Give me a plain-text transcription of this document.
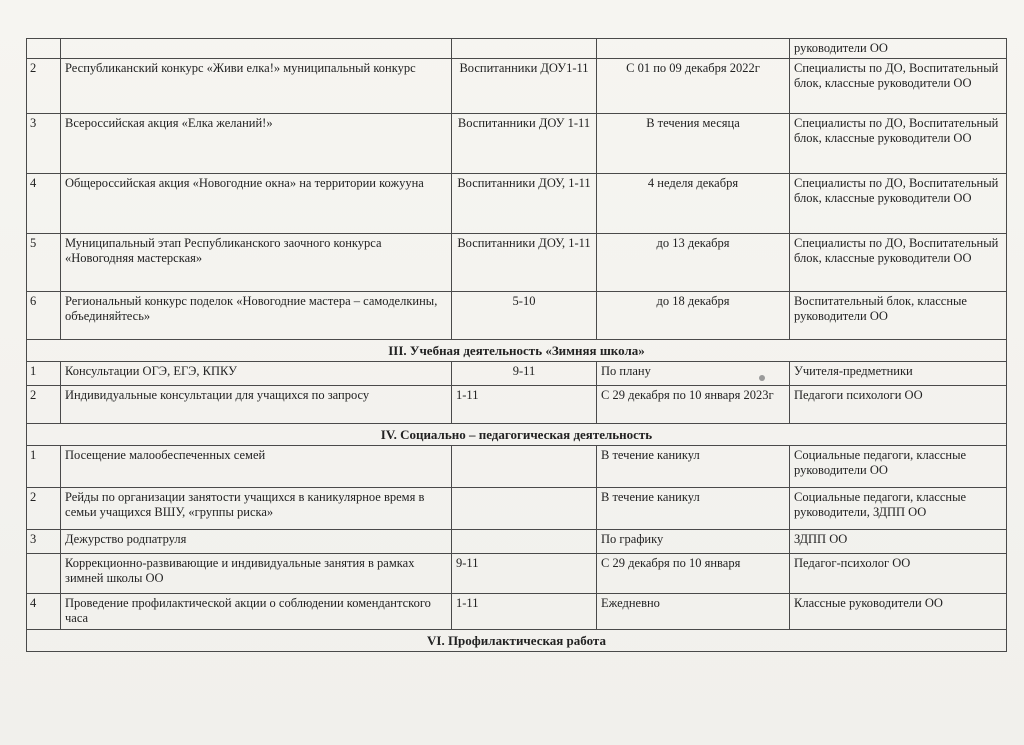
				руководители ОО
2	Республиканский конкурс «Живи елка!» муниципальный конкурс	Воспитанники ДОУ1-11	С 01 по 09 декабря 2022г	Специалисты по ДО, Воспитательный блок, классные руководители ОО
3	Всероссийская акция «Елка желаний!»	Воспитанники ДОУ 1-11	В течения месяца	Специалисты по ДО, Воспитательный блок, классные руководители ОО
4	Общероссийская акция «Новогодние окна» на территории кожууна	Воспитанники ДОУ, 1-11	4 неделя декабря	Специалисты по ДО, Воспитательный блок, классные руководители ОО
5	Муниципальный этап Республиканского заочного конкурса «Новогодняя мастерская»	Воспитанники ДОУ, 1-11	до 13 декабря	Специалисты по ДО, Воспитательный блок, классные руководители ОО
6	Региональный конкурс поделок «Новогодние мастера – самоделкины, объединяйтесь»	5-10	до 18 декабря	Воспитательный блок, классные руководители ОО
III. Учебная деятельность «Зимняя школа»				
1	Консультации ОГЭ, ЕГЭ, КПКУ	9-11	По плану	Учителя-предметники
2	Индивидуальные консультации для учащихся по запросу	1-11	С 29 декабря по 10 января 2023г	Педагоги психологи ОО
IV. Социально – педагогическая деятельность				
1	Посещение малообеспеченных семей		В течение каникул	Социальные педагоги, классные руководители ОО
2	Рейды по организации занятости учащихся в каникулярное время в семьи учащихся ВШУ, «группы риска»		В течение каникул	Социальные педагоги, классные руководители, ЗДПП ОО
3	Дежурство родпатруля		По графику	ЗДПП ОО
	Коррекционно-развивающие и индивидуальные занятия в рамках зимней школы ОО	9-11	С 29 декабря по 10 января	Педагог-психолог ОО
4	Проведение профилактической акции о соблюдении комендантского часа	1-11	Ежедневно	Классные руководители ОО
VI. Профилактическая работа				
